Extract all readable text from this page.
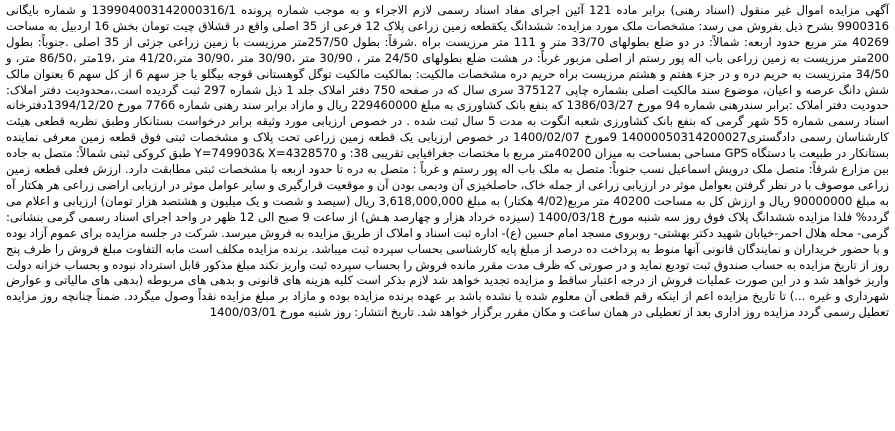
آگهی مزایده اموال غیر منقول (اسناد رهنی) برابر ماده 121 آئین اجرای مفاد اسناد رسمی لازم الاجراء و به موجب شماره پرونده 139904003142000316/1 و شماره بایگانی 9900316 بشرح ذیل بفروش می رسد: مشخصات ملک مورد مزایده: ششدانگ یکقطعه زمین زراعی پلاک 12 فرعی از 35 اصلی واقع در قشلاق چیت تومان بخش 16 اردبیل به مساحت 40269 متر مربع حدود اربعه: شمالاً: در دو ضلع بطولهای 33/70 متر و 111 متر مرزیست براه .شرقاً: بطول 257/50متر مرزیست با زمین زراعی جزئی از 35 اصلی .جنوباً: بطول 200متر مرزیست به زمین زراعی باب اله پور رستم از اصلی مزبور غرباً: در هشت ضلع بطولهای 24/50 متر ، 30/90 متر ،30/90 متر ،30/90 متر،41/20 متر ،19متر ،86/50 متر، و 34/50 مترزیست به حریم دره و در جزء هفتم و هشتم مرزیست براه حریم دره مشخصات مالکیت: بمالکیت مالکیت توگل گوهستانی قوجه بیگلو یا جز سهم 6 از کل سهم 6 بعنوان مالک شش دانگ عرصه و اعیان، موضوع سند مالکیت اصلی بشماره چاپی 375127 سری سال که در صفحه 750 دفتر املاک جلد 1 ذیل شماره 297 ثبت گردیده است.،محدودیت دفتر املاک: حدودیت دفتر املاک :برابر سندرهنی شماره 94 مورخ 1386/03/27 که بنفع بانک کشاورزی به مبلغ 229460000 ریال و مازاد برابر سند رهنی شماره 7766 مورخ 1394/12/20دفترخانه اسناد رسمی شماره 55 شهر گرمی که بنفع بانک کشاورزی شعبه انگوت به مدت 5 سال ثبت شده . در خصوص ارزیابی مورد وثیقه برابر درخواست بستانکار وطبق نظریه قطعی هیئت کارشناسان رسمی دادگستری14000050314200027 9مورخ 1400/02/07 در خصوص ارزیابی یک قطعه زمین زراعی تحت پلاک و مشخصات ثبتی فوق قطعه زمین معرفی نماینده بستانکار در طبیعت با دستگاه GPS مساحی بمساحت به میزان 40200متر مربع با مختصات جغرافیایی تقریبی 38: و Y=749903& X=4328570 طبق کروکی ثبتی شمالاً: متصل به جاده بین مزارع شرقاً: متصل ملک درویش اسماعیل نسب جنوباً: متصل به ملک باب اله پور رستم و غرباً : متصل به دره تا حدود اربعه با مشخصات ثبتی مطابقت دارد. ارزش فعلی قطعه زمین زراعی موصوف با در نظر گرفتن بعوامل موثر در ارزیابی زراعی از جمله خاک، حاصلخیزی آن ودیمی بودن آن و موقعیت قرارگیری و سایر عوامل موثر در ارزیابی اراضی زراعی هر هکتار آه به مبلغ 90000000 ریال و ارزش کل به مساحت 40200 متر مربع(4/02 هکتار) به مبلغ 3,618,000,000 ریال (سیصد و شصت و یک میلیون و هشتصد هزار تومان) ارزیابی و اعلام می گردد% فلذا مزایده ششدانگ پلاک فوق روز سه شنبه مورخ 1400/03/18 (سیزده خرداد هزار و چهارصد هـش) از ساعت 9 صبح الی 12 ظهر در واحد اجرای اسناد رسمی گرمی بنشانی: گرمی- محله هلال احمر-خیابان شهید دکتر بهشتی- روبروی مسجد امام حسین (ع)- اداره ثبت اسناد و املاک از طریق مزایده به فروش میرسد. شرکت در جلسه مزایده برای عموم آزاد بوده و با حضور خریداران و نمایندگان قانونی آنها منوط به پرداخت ده درصد از مبلغ پایه کارشناسی بحساب سپرده ثبت میباشد. برنده مزایده مکلف است مابه التفاوت مبلغ فروش را ظرف پنج روز از تاریخ مزایده به حساب صندوق ثبت تودیع نماید و در صورتی که ظرف مدت مقرر مانده فروش را بحساب سپرده ثبت واریز نکند مبلغ مذکور قابل استرداد نبوده و بحساب خزانه دولت واریز خواهد شد و در این صورت عملیات فروش از درجه اعتبار ساقط و مزایده تجدید خواهد شد لازم بذکر است کلیه هزینه های قانونی و بدهی های مربوطه (بدهی های مالیاتی و عوارض شهرداری و غیره ...) تا تاریخ مزایده اعم از اینکه رقم قطعی آن معلوم شده یا نشده باشد بر عهده برنده مزایده بوده و مازاد بر مبلغ مزایده نقداً وصول میگردد. ضمناً چنانچه روز مزایده تعطیل رسمی گردد مزایده روز اداری بعد از تعطیلی در همان ساعت و مکان مقرر برگزار خواهد شد. تاریخ انتشار: روز شنبه مورخ 1400/03/01
